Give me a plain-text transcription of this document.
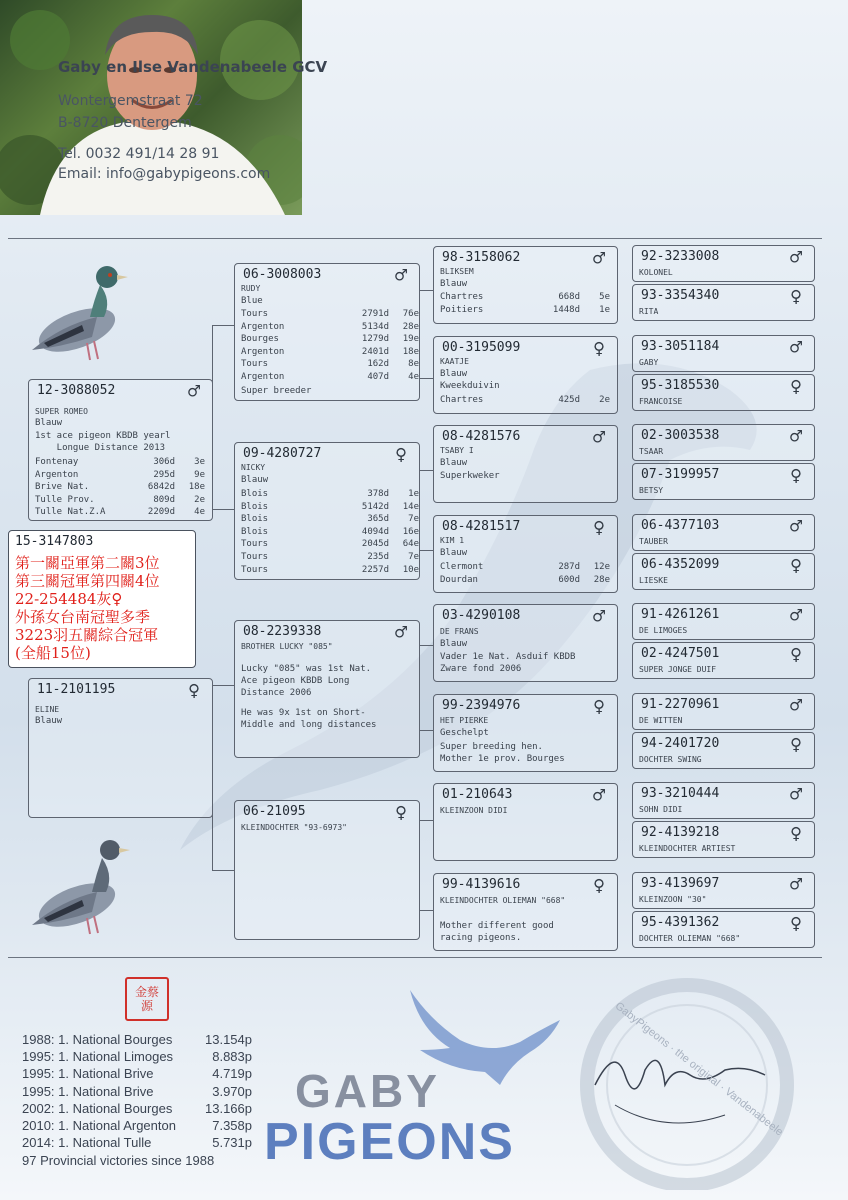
Gaby en Ilse Vandenabeele GCV
Wontergemstraat 72
B-8720 Dentergem
Tel. 0032 491/14 28 91
Email: info@gabypigeons.com
12-3088052	♂
SUPER ROMEO
Blauw
1st ace pigeon KBDB yearl
Longue Distance 2013
Fontenay	306d	3e
Argenton	295d	9e
Brive Nat.	6842d	18e
Tulle Prov.	809d	2e
Tulle Nat.Z.A	2209d	4e
11-2101195	♀
ELINE
Blauw
15-3147803
第一關亞軍第二關3位
第三關冠軍第四關4位
22-254484灰♀
外孫女台南冠聖多季
3223羽五關綜合冠軍
(全船15位)
06-3008003	♂
RUDY
Blue
Tours	2791d	76e
Argenton	5134d	28e
Bourges	1279d	19e
Argenton	2401d	18e
Tours	162d	8e
Argenton	407d	4e
Super breeder
09-4280727	♀
NICKY
Blauw
Blois	378d	1e
Blois	5142d	14e
Blois	365d	7e
Blois	4094d	16e
Tours	2045d	64e
Tours	235d	7e
Tours	2257d	10e
08-2239338	♂
BROTHER LUCKY "085"
Lucky "085" was 1st Nat.
Ace pigeon KBDB Long
Distance 2006
He was 9x 1st on Short-
Middle and long distances
06-21095	♀
KLEINDOCHTER "93-6973"
98-3158062	♂
BLIKSEM
Blauw
Chartres	668d	5e
Poitiers	1448d	1e
00-3195099	♀
KAATJE
Blauw
Kweekduivin
Chartres	425d	2e
08-4281576	♂
TSABY I
Blauw
Superkweker
08-4281517	♀
KIM 1
Blauw
Clermont	287d	12e
Dourdan	600d	28e
03-4290108	♂
DE FRANS
Blauw
Vader 1e Nat. Asduif KBDB
Zware fond 2006
99-2394976	♀
HET PIERKE
Geschelpt
Super breeding hen.
Mother 1e prov. Bourges
01-210643	♂
KLEINZOON DIDI
99-4139616	♀
KLEINDOCHTER OLIEMAN "668"
Mother different good
racing pigeons.
92-3233008	♂
KOLONEL
93-3354340	♀
RITA
93-3051184	♂
GABY
95-3185530	♀
FRANCOISE
02-3003538	♂
TSAAR
07-3199957	♀
BETSY
06-4377103	♂
TAUBER
06-4352099	♀
LIESKE
91-4261261	♂
DE LIMOGES
02-4247501	♀
SUPER JONGE DUIF
91-2270961	♂
DE WITTEN
94-2401720	♀
DOCHTER SWING
93-3210444	♂
SOHN DIDI
92-4139218	♀
KLEINDOCHTER ARTIEST
93-4139697	♂
KLEINZOON "30"
95-4391362	♀
DOCHTER OLIEMAN "668"
金蔡源
1988: 1. National Bourges	13.154p
1995: 1. National Limoges	8.883p
1995: 1. National Brive	4.719p
1995: 1. National Brive	3.970p
2002: 1. National Bourges	13.166p
2010: 1. National Argenton	7.358p
2014: 1. National Tulle	5.731p
97 Provincial victories since 1988
GABY
PIGEONS
GabyPigeons · the original · Vandenabeele
